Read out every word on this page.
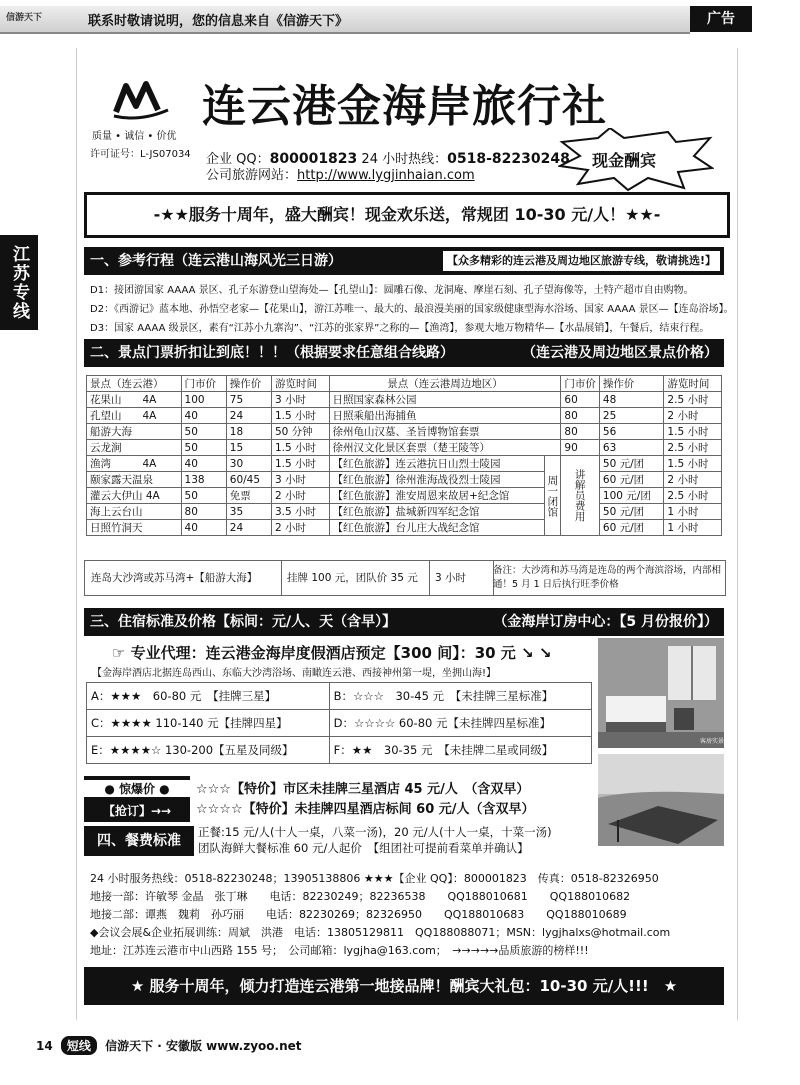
信游天下	联系时敬请说明，您的信息来自《信游天下》	广告
江苏专线
连云港金海岸旅行社
质量 • 诚信 • 价优
许可证号：L-JS07034 企业 QQ：800001823 24 小时热线：0518-82230248
公司旅游网站：http://www.lygjinhaian.com
现金酬宾
-★★服务十周年，盛大酬宾！现金欢乐送，常规团 10-30 元/人！★★-
一、参考行程（连云港山海风光三日游）	【众多精彩的连云港及周边地区旅游专线，敬请挑选!】
D1：接团游国家 AAAA 景区、孔子东游登山望海处—【孔望山】：圆雕石像、龙洞庵、摩崖石刻、孔子望海像等，土特产超市自由购物。
D2：《西游记》蓝本地、孙悟空老家—【花果山】，游江苏唯一、最大的、最浪漫美丽的国家级健康型海水浴场、国家 AAAA 景区—【连岛浴场】。
D3：国家 AAAA 级景区，素有“江苏小九寨沟”、“江苏的张家界”之称的—【渔湾】，参观大地万物精华—【水晶展销】，午餐后，结束行程。
二、景点门票折扣让到底！！！（根据要求任意组合线路）	（连云港及周边地区景点价格）
景点（连云港）	门市价	操作价	游览时间	景点（连云港周边地区）		门市价	操作价	游览时间
花果山　　4A	100	75	3 小时	日照国家森林公园		60	48	2.5 小时
孔望山　　4A	40	24	1.5 小时	日照乘船出海捕鱼		80	25	2 小时
船游大海	50	18	50 分钟	徐州龟山汉墓、圣旨博物馆套票		80	56	1.5 小时
云龙涧	50	15	1.5 小时	徐州汉文化景区套票（楚王陵等）		90	63	2.5 小时
渔湾　　　4A	40	30	1.5 小时	【红色旅游】连云港抗日山烈士陵园	周一闭馆	讲解员费用	50 元/团	1.5 小时
颐家露天温泉	138	60/45	3 小时	【红色旅游】徐州淮海战役烈士陵园			60 元/团	2 小时
灌云大伊山 4A	50	免票	2 小时	【红色旅游】淮安周恩来故居+纪念馆			100 元/团	2.5 小时
海上云台山	80	35	3.5 小时	【红色旅游】盐城新四军纪念馆			50 元/团	1 小时
日照竹洞天	40	24	2 小时	【红色旅游】台儿庄大战纪念馆			60 元/团	1 小时
连岛大沙湾或苏马湾+【船游大海】	挂牌 100 元，团队价 35 元	3 小时
备注：大沙湾和苏马湾是连岛的两个海滨浴场，内部相通！5 月 1 日后执行旺季价格
三、住宿标准及价格【标间：元/人、天（含早）】	（金海岸订房中心：【5 月份报价】）
☞ 专业代理：连云港金海岸度假酒店预定【300 间】：30 元 ↘ ↘
【金海岸酒店北据连岛西山、东临大沙湾浴场、南瞰连云港、西接神州第一堤，坐拥山海!】
A：★★★　60-80 元　【挂牌三星】	B：☆☆☆　30-45 元　【未挂牌三星标准】
C：★★★★ 110-140 元【挂牌四星】	D：☆☆☆☆ 60-80 元【未挂牌四星标准】
E：★★★★☆ 130-200【五星及同级】	F：★★　30-35 元　【未挂牌二星或同级】
客房实景
● 惊爆价 ●
【抢订】→→
☆☆☆【特价】市区未挂牌三星酒店 45 元/人　（含双早）
☆☆☆☆【特价】未挂牌四星酒店标间 60 元/人（含双早）
四、餐费标准
正餐:15 元/人(十人一桌，八菜一汤)，20 元/人(十人一桌，十菜一汤)
团队海鲜大餐标准 60 元/人起价　【组团社可提前看菜单并确认】
24 小时服务热线：0518-82230248；13905138806 ★★★【企业 QQ】：800001823　传真：0518-82326950
地接一部：许敏琴 金晶　张丁琳　　电话：82230249；82236538　　QQ188010681　　QQ188010682
地接二部：谭燕　魏莉　孙巧丽　　电话：82230269；82326950　　QQ188010683　　QQ188010689
◆会议会展&企业拓展训练：周斌　洪港　电话：13805129811　QQ188088071；MSN：lygjhalxs@hotmail.com
地址：江苏连云港市中山西路 155 号；　公司邮箱：lygjha@163.com；　→→→→→品质旅游的榜样!!!
★ 服务十周年，倾力打造连云港第一地接品牌！酬宾大礼包：10-30 元/人!!!　★
14 短线 信游天下 · 安徽版 www.zyoo.net
